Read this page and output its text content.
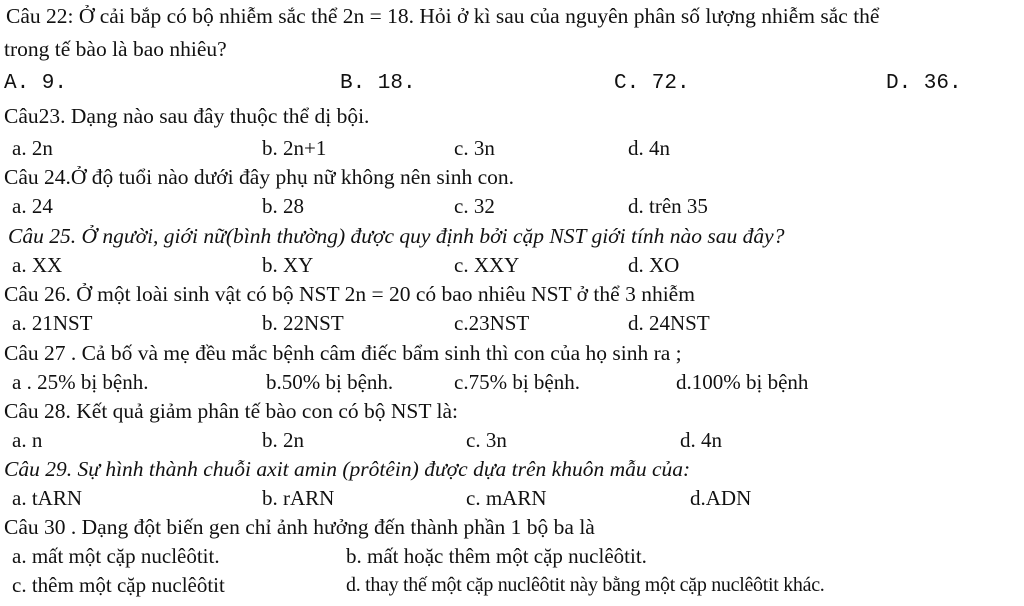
Câu 22: Ở cải bắp có bộ nhiễm sắc thể 2n = 18. Hỏi ở kì sau của nguyên phân số lượng nhiễm sắc thể
trong tế bào là bao nhiêu?
A. 9.	B. 18.	C. 72.	D. 36.
Câu23. Dạng nào sau đây thuộc thể dị bội.
a. 2n	b. 2n+1	c. 3n	d. 4n
Câu 24.Ở độ tuổi nào dưới đây phụ nữ không nên sinh con.
a. 24	b. 28	c. 32	d. trên 35
Câu 25. Ở người, giới nữ(bình thường) được quy định bởi cặp NST giới tính nào sau đây?
a. XX	b. XY	c. XXY	d. XO
Câu 26. Ở một loài sinh vật có bộ NST 2n = 20 có bao nhiêu NST ở thể 3 nhiễm
a. 21NST	b. 22NST	c.23NST	d. 24NST
Câu 27 . Cả bố và mẹ đều mắc bệnh câm điếc bẩm sinh thì con của họ sinh ra ;
a . 25% bị bệnh.	b.50% bị bệnh.	c.75% bị bệnh.	d.100% bị bệnh
Câu 28. Kết quả giảm phân tế bào con có bộ NST là:
a. n	b. 2n	c. 3n	d. 4n
Câu 29. Sự hình thành chuỗi axit amin (prôtêin) được dựa trên khuôn mẫu của:
a. tARN	b. rARN	c. mARN	d.ADN
Câu 30 . Dạng đột biến gen chỉ ảnh hưởng đến thành phần 1 bộ ba là
a. mất một cặp nuclêôtit.	b. mất hoặc thêm một cặp nuclêôtit.
c. thêm một cặp nuclêôtit	d. thay thế một cặp nuclêôtit này bằng một cặp nuclêôtit khác.
